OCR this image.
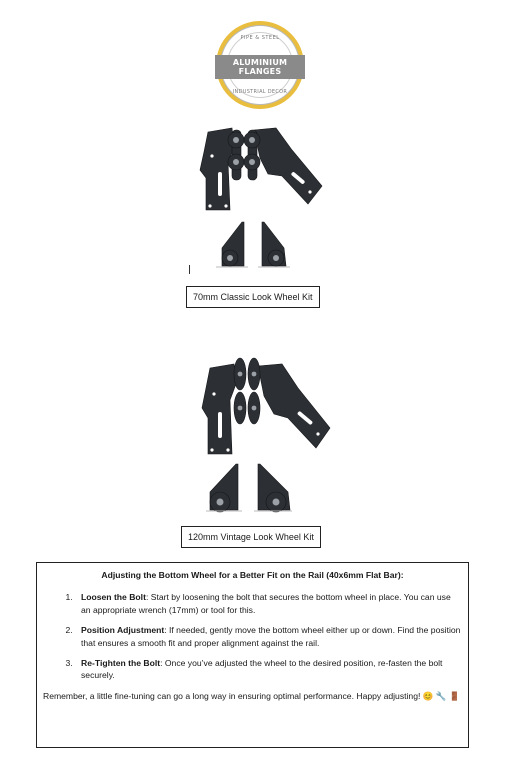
PIPE & STEEL
ALUMINIUM
FLANGES
INDUSTRIAL DECOR
70mm Classic Look Wheel Kit
120mm Vintage Look Wheel Kit
Adjusting the Bottom Wheel for a Better Fit on the Rail (40x6mm Flat Bar):
1. Loosen the Bolt: Start by loosening the bolt that secures the bottom wheel in place. You can use an appropriate wrench (17mm) or tool for this.
2. Position Adjustment: If needed, gently move the bottom wheel either up or down. Find the position that ensures a smooth fit and proper alignment against the rail.
3. Re-Tighten the Bolt: Once you’ve adjusted the wheel to the desired position, re-fasten the bolt securely.
Remember, a little fine-tuning can go a long way in ensuring optimal performance. Happy adjusting! 😊 🔧 🚪
